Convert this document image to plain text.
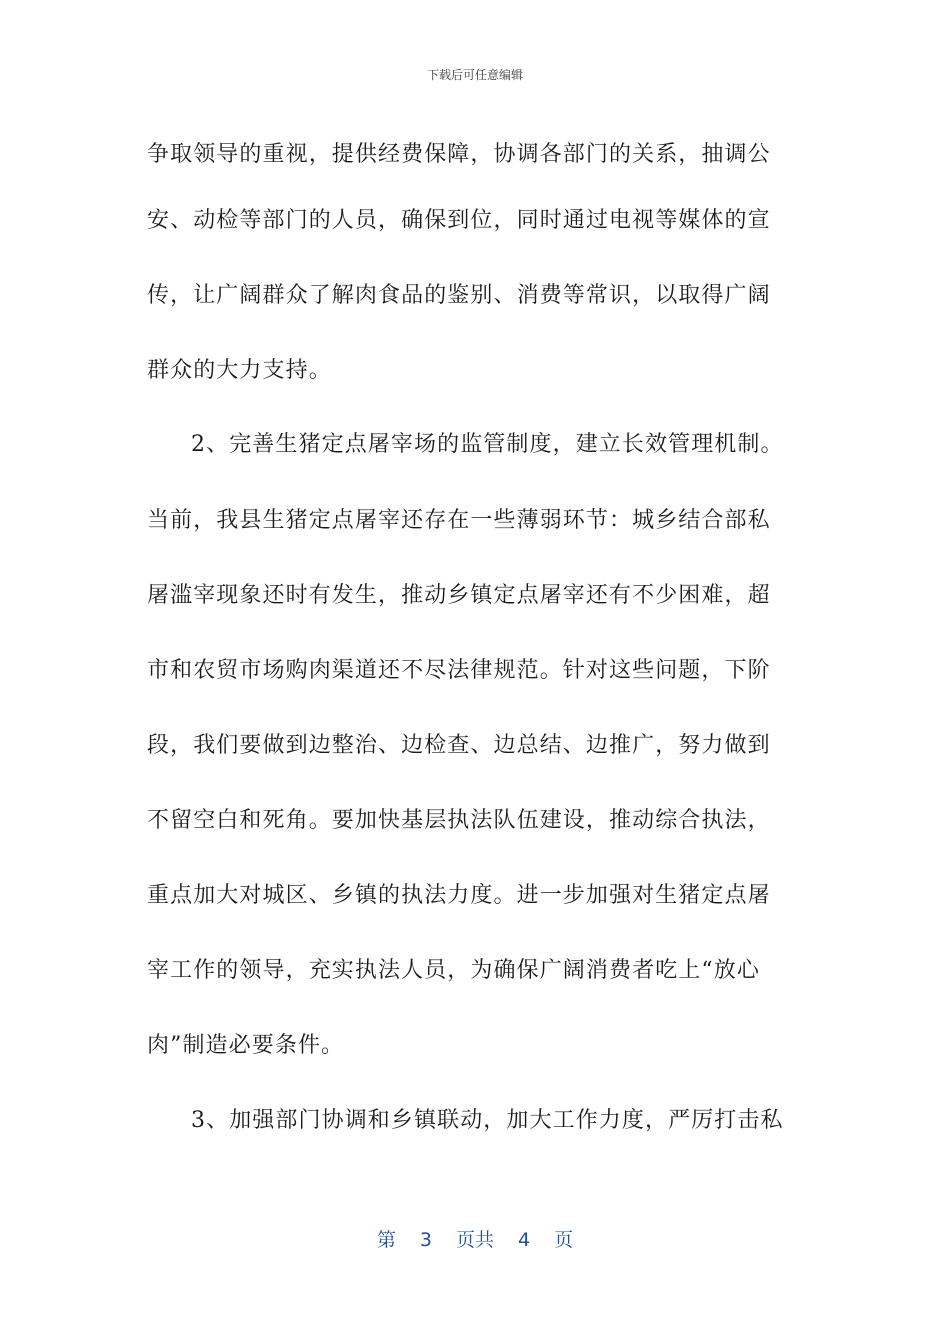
下载后可任意编辑
争取领导的重视，提供经费保障，协调各部门的关系，抽调公
安、动检等部门的人员，确保到位，同时通过电视等媒体的宣
传，让广阔群众了解肉食品的鉴别、消费等常识，以取得广阔
群众的大力支持。
2、完善生猪定点屠宰场的监管制度，建立长效管理机制。
当前，我县生猪定点屠宰还存在一些薄弱环节：城乡结合部私
屠滥宰现象还时有发生，推动乡镇定点屠宰还有不少困难，超
市和农贸市场购肉渠道还不尽法律规范。针对这些问题，下阶
段，我们要做到边整治、边检查、边总结、边推广，努力做到
不留空白和死角。要加快基层执法队伍建设，推动综合执法，
重点加大对城区、乡镇的执法力度。进一步加强对生猪定点屠
宰工作的领导，充实执法人员，为确保广阔消费者吃上“放心
肉”制造必要条件。
3、加强部门协调和乡镇联动，加大工作力度，严厉打击私
第 3 页共 4 页
